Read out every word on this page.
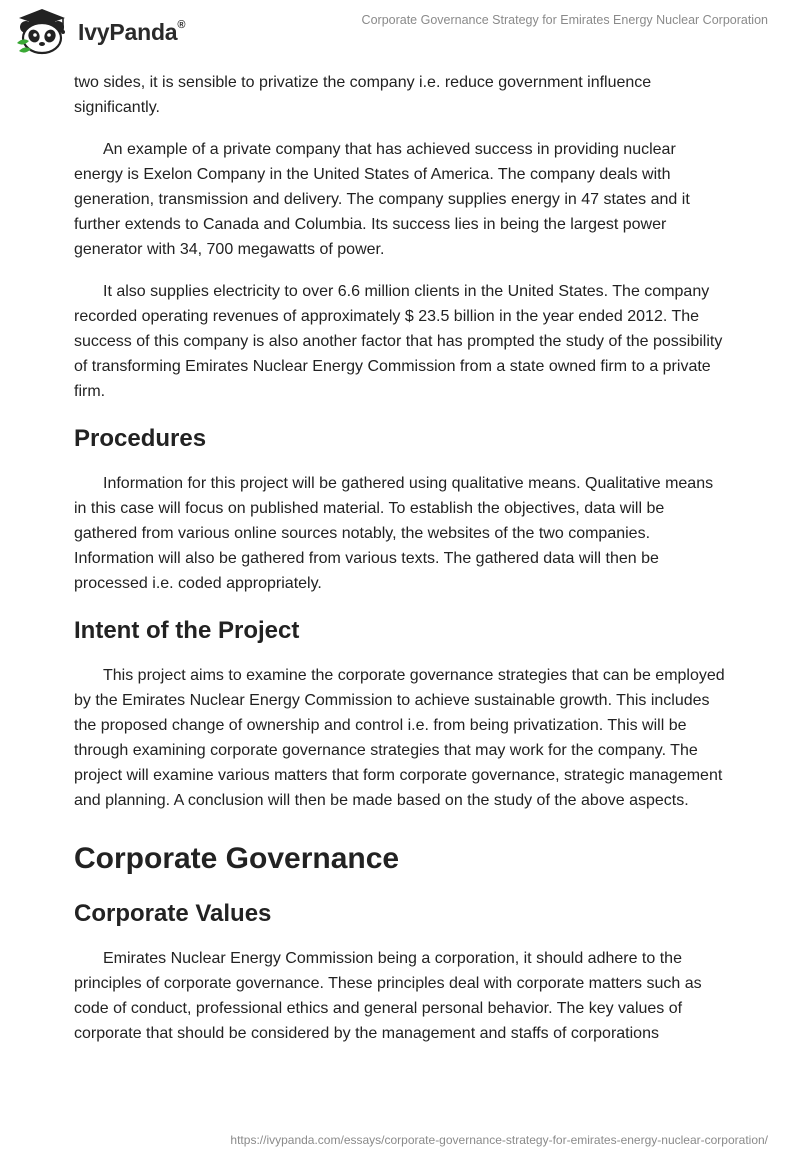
IvyPanda®	Corporate Governance Strategy for Emirates Energy Nuclear Corporation

two sides, it is sensible to privatize the company i.e. reduce government influence significantly.

An example of a private company that has achieved success in providing nuclear energy is Exelon Company in the United States of America. The company deals with generation, transmission and delivery. The company supplies energy in 47 states and it further extends to Canada and Columbia. Its success lies in being the largest power generator with 34, 700 megawatts of power.

It also supplies electricity to over 6.6 million clients in the United States. The company recorded operating revenues of approximately $ 23.5 billion in the year ended 2012. The success of this company is also another factor that has prompted the study of the possibility of transforming Emirates Nuclear Energy Commission from a state owned firm to a private firm.

Procedures

Information for this project will be gathered using qualitative means. Qualitative means in this case will focus on published material. To establish the objectives, data will be gathered from various online sources notably, the websites of the two companies. Information will also be gathered from various texts. The gathered data will then be processed i.e. coded appropriately.

Intent of the Project

This project aims to examine the corporate governance strategies that can be employed by the Emirates Nuclear Energy Commission to achieve sustainable growth. This includes the proposed change of ownership and control i.e. from being privatization. This will be through examining corporate governance strategies that may work for the company. The project will examine various matters that form corporate governance, strategic management and planning. A conclusion will then be made based on the study of the above aspects.

Corporate Governance
Corporate Values

Emirates Nuclear Energy Commission being a corporation, it should adhere to the principles of corporate governance. These principles deal with corporate matters such as code of conduct, professional ethics and general personal behavior. The key values of corporate that should be considered by the management and staffs of corporations

https://ivypanda.com/essays/corporate-governance-strategy-for-emirates-energy-nuclear-corporation/
